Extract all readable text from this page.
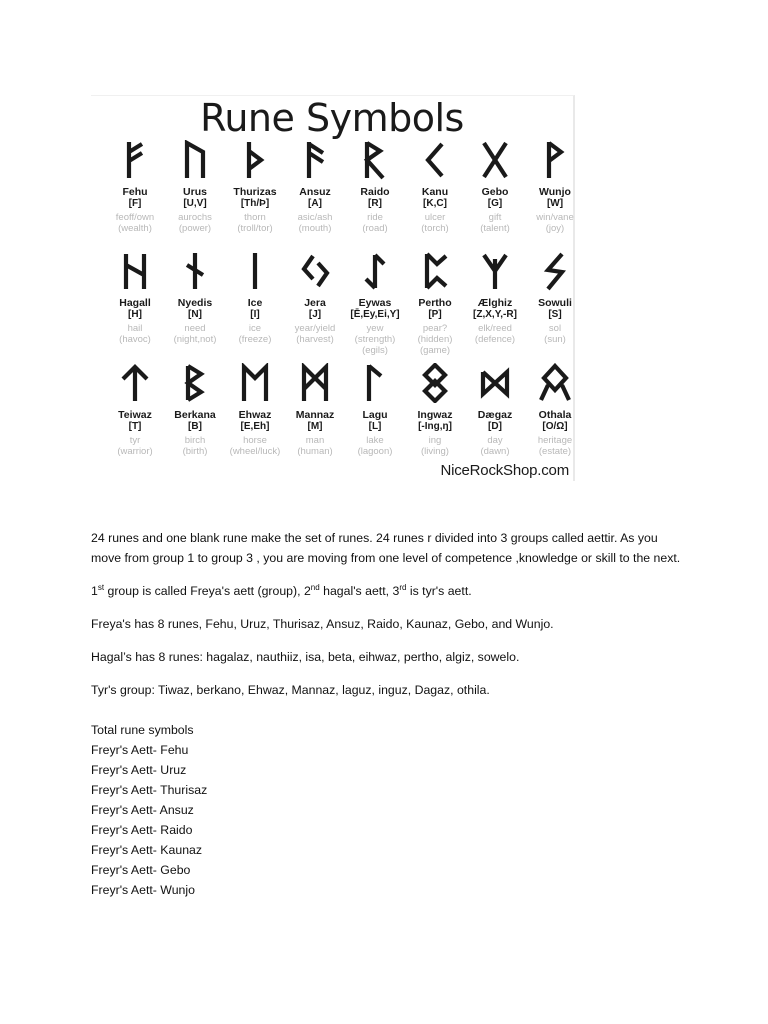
Rune Symbols
Fehu
[F]
feoff/own
(wealth)
Urus
[U,V]
aurochs
(power)
Thurizas
[Th/Þ]
thorn
(troll/tor)
Ansuz
[A]
asic/ash
(mouth)
Raido
[R]
ride
(road)
Kanu
[K,C]
ulcer
(torch)
Gebo
[G]
gift
(talent)
Wunjo
[W]
win/vane
(joy)
Hagall
[H]
hail
(havoc)
Nyedis
[N]
need
(night,not)
Ice
[I]
ice
(freeze)
Jera
[J]
year/yield
(harvest)
Eywas
[Ē,Ey,Ei,Y]
yew
(strength)
(egils)
Pertho
[P]
pear?
(hidden)
(game)
Ælghiz
[Z,X,Y,-R]
elk/reed
(defence)
Sowuli
[S]
sol
(sun)
Teiwaz
[T]
tyr
(warrior)
Berkana
[B]
birch
(birth)
Ehwaz
[E,Eh]
horse
(wheel/luck)
Mannaz
[M]
man
(human)
Lagu
[L]
lake
(lagoon)
Ingwaz
[-Ing,ŋ]
ing
(living)
Dægaz
[D]
day
(dawn)
Othala
[O/Ω]
heritage
(estate)
NiceRockShop.com

24 runes and one blank rune make the set of runes. 24 runes r divided into 3 groups called aettir. As you move from group 1 to group 3 , you are moving from one level of competence ,knowledge or skill to the next.

1st group is called Freya's aett (group), 2nd hagal's aett, 3rd is tyr's aett.

Freya's has 8 runes, Fehu, Uruz, Thurisaz, Ansuz, Raido, Kaunaz, Gebo, and Wunjo.

Hagal’s has 8 runes: hagalaz, nauthiiz, isa, beta, eihwaz, pertho, algiz, sowelo.

Tyr's group: Tiwaz, berkano, Ehwaz, Mannaz, laguz, inguz, Dagaz, othila.

Total rune symbols

Freyr's Aett- Fehu

Freyr's Aett- Uruz

Freyr's Aett- Thurisaz

Freyr's Aett- Ansuz

Freyr's Aett- Raido

Freyr's Aett- Kaunaz

Freyr's Aett- Gebo

Freyr's Aett- Wunjo
